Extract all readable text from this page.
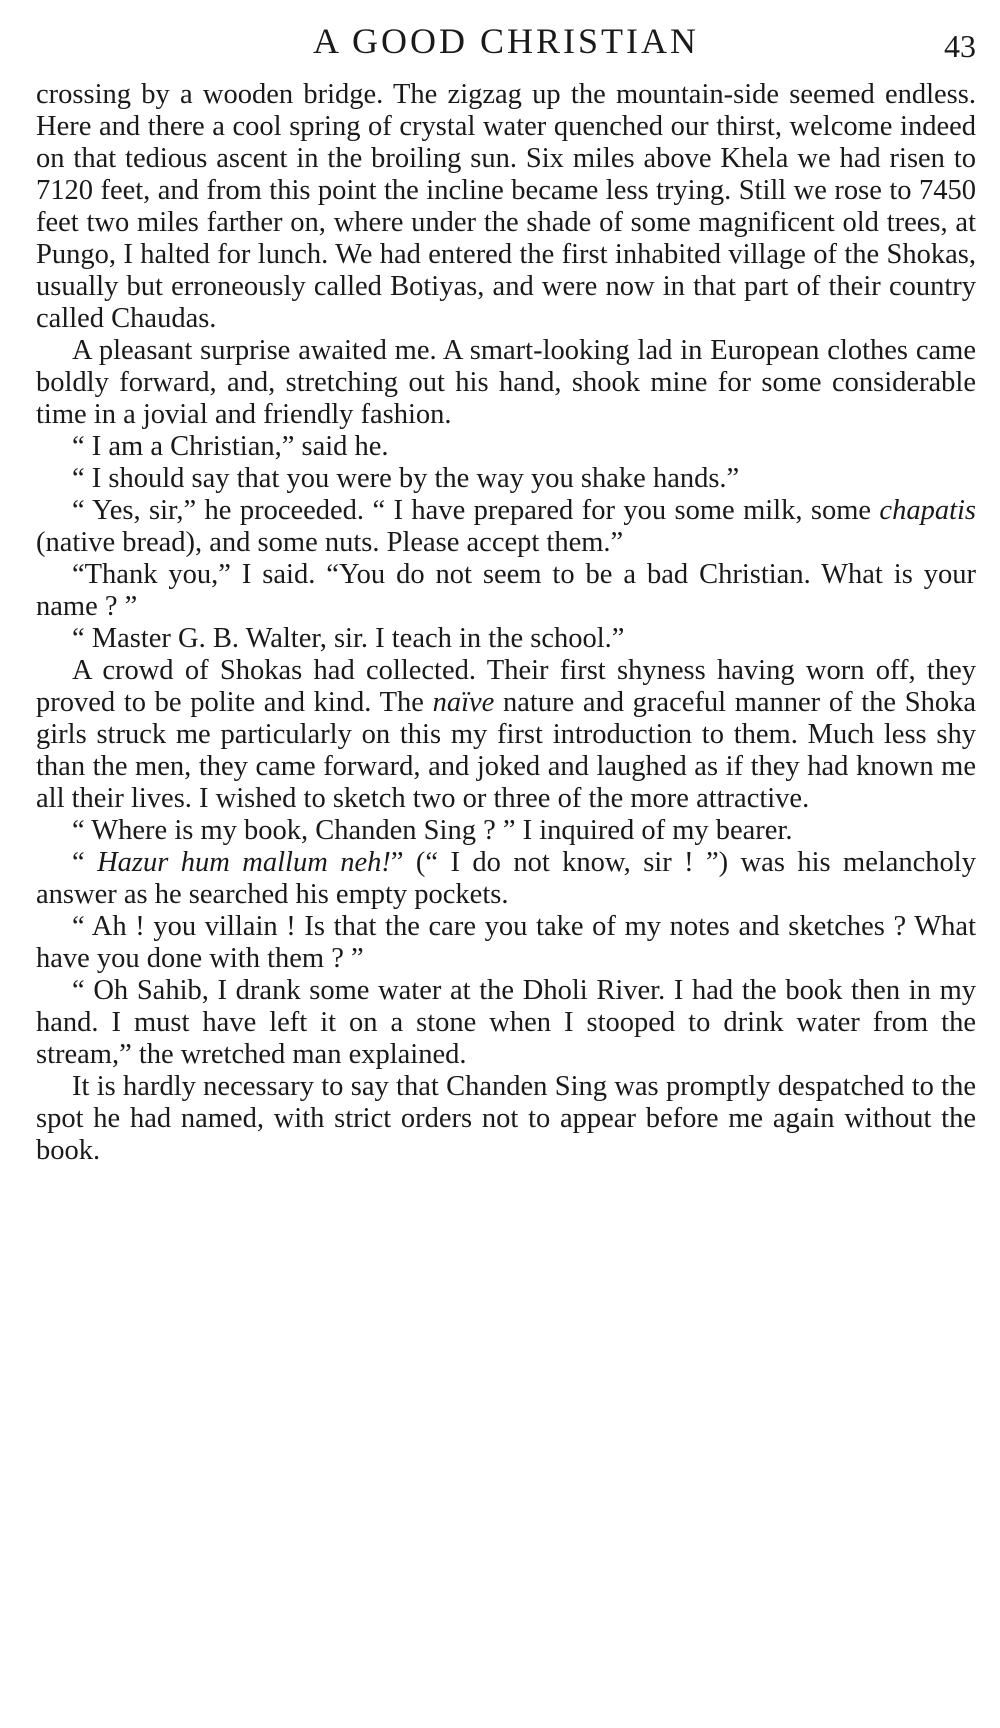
A GOOD CHRISTIAN	43

crossing by a wooden bridge. The zigzag up the mountain-side seemed endless. Here and there a cool spring of crystal water quenched our thirst, welcome indeed on that tedious ascent in the broiling sun. Six miles above Khela we had risen to 7120 feet, and from this point the incline became less trying. Still we rose to 7450 feet two miles farther on, where under the shade of some magnificent old trees, at Pungo, I halted for lunch. We had entered the first inhabited village of the Shokas, usually but erroneously called Botiyas, and were now in that part of their country called Chaudas.

A pleasant surprise awaited me. A smart-looking lad in European clothes came boldly forward, and, stretching out his hand, shook mine for some considerable time in a jovial and friendly fashion.

“ I am a Christian,” said he.

“ I should say that you were by the way you shake hands.”

“ Yes, sir,” he proceeded. “ I have prepared for you some milk, some chapatis (native bread), and some nuts. Please accept them.”

“Thank you,” I said. “You do not seem to be a bad Christian. What is your name ? ”

“ Master G. B. Walter, sir. I teach in the school.”

A crowd of Shokas had collected. Their first shyness having worn off, they proved to be polite and kind. The naïve nature and graceful manner of the Shoka girls struck me particularly on this my first introduction to them. Much less shy than the men, they came forward, and joked and laughed as if they had known me all their lives. I wished to sketch two or three of the more attractive.

“ Where is my book, Chanden Sing ? ” I inquired of my bearer.

“ Hazur hum mallum neh!” (“ I do not know, sir ! ”) was his melancholy answer as he searched his empty pockets.

“ Ah ! you villain ! Is that the care you take of my notes and sketches ? What have you done with them ? ”

“ Oh Sahib, I drank some water at the Dholi River. I had the book then in my hand. I must have left it on a stone when I stooped to drink water from the stream,” the wretched man explained.

It is hardly necessary to say that Chanden Sing was promptly despatched to the spot he had named, with strict orders not to appear before me again without the book.
